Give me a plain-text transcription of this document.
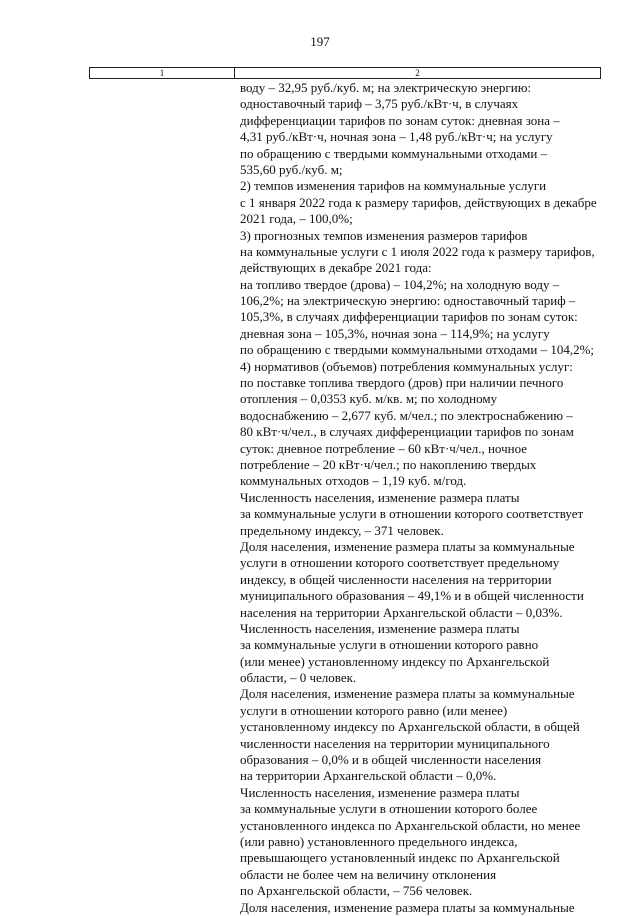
197
1	2
воду – 32,95 руб./куб. м; на электрическую энергию:
одноставочный тариф – 3,75 руб./кВт·ч, в случаях
дифференциации тарифов по зонам суток: дневная зона –
4,31 руб./кВт·ч, ночная зона – 1,48 руб./кВт·ч; на услугу
по обращению с твердыми коммунальными отходами –
535,60 руб./куб. м;
2) темпов изменения тарифов на коммунальные услуги
с 1 января 2022 года к размеру тарифов, действующих в декабре
2021 года, – 100,0%;
3) прогнозных темпов изменения размеров тарифов
на коммунальные услуги с 1 июля 2022 года к размеру тарифов,
действующих в декабре 2021 года:
на топливо твердое (дрова) – 104,2%; на холодную воду –
106,2%; на электрическую энергию: одноставочный тариф –
105,3%, в случаях дифференциации тарифов по зонам суток:
дневная зона – 105,3%, ночная зона – 114,9%; на услугу
по обращению с твердыми коммунальными отходами – 104,2%;
4) нормативов (объемов) потребления коммунальных услуг:
по поставке топлива твердого (дров) при наличии печного
отопления – 0,0353 куб. м/кв. м; по холодному
водоснабжению – 2,677 куб. м/чел.; по электроснабжению –
80 кВт·ч/чел., в случаях дифференциации тарифов по зонам
суток: дневное потребление – 60 кВт·ч/чел., ночное
потребление – 20 кВт·ч/чел.; по накоплению твердых
коммунальных отходов – 1,19 куб. м/год.
Численность населения, изменение размера платы
за коммунальные услуги в отношении которого соответствует
предельному индексу, – 371 человек.
Доля населения, изменение размера платы за коммунальные
услуги в отношении которого соответствует предельному
индексу, в общей численности населения на территории
муниципального образования – 49,1% и в общей численности
населения на территории Архангельской области – 0,03%.
Численность населения, изменение размера платы
за коммунальные услуги в отношении которого равно
(или менее) установленному индексу по Архангельской
области, – 0 человек.
Доля населения, изменение размера платы за коммунальные
услуги в отношении которого равно (или менее)
установленному индексу по Архангельской области, в общей
численности населения на территории муниципального
образования – 0,0% и в общей численности населения
на территории Архангельской области – 0,0%.
Численность населения, изменение размера платы
за коммунальные услуги в отношении которого более
установленного индекса по Архангельской области, но менее
(или равно) установленного предельного индекса,
превышающего установленный индекс по Архангельской
области не более чем на величину отклонения
по Архангельской области, – 756 человек.
Доля населения, изменение размера платы за коммунальные
